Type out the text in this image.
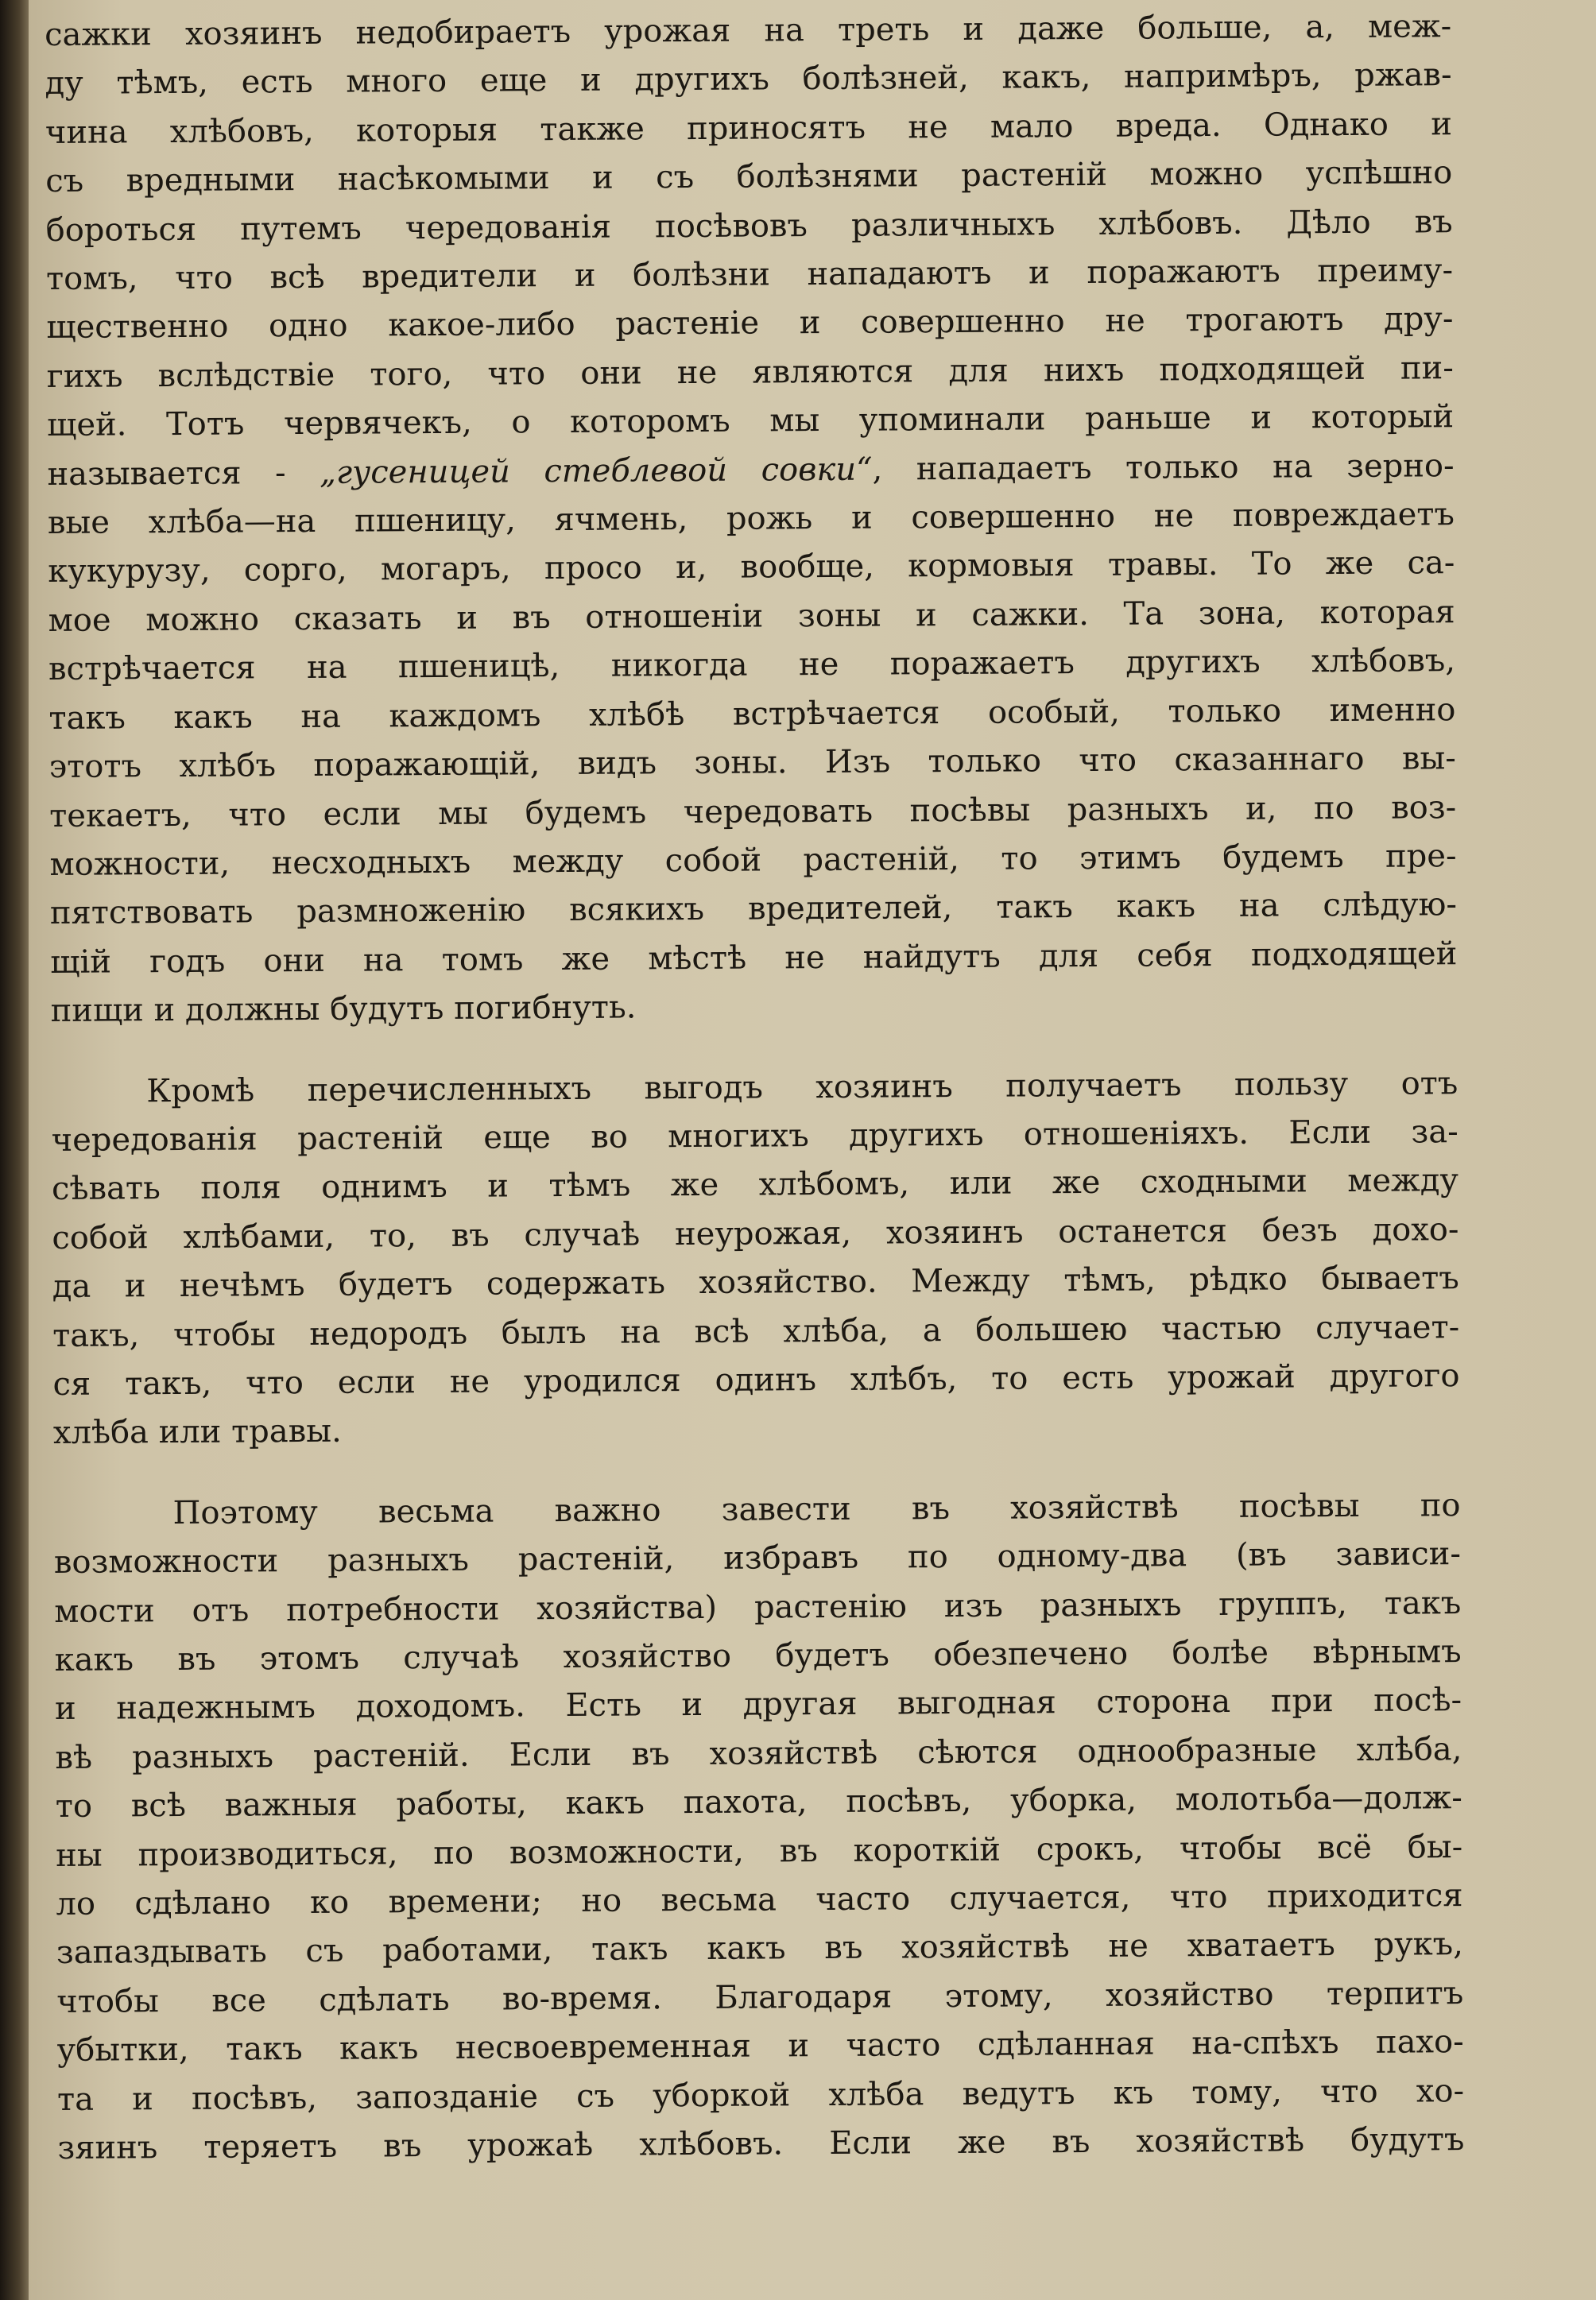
сажки хозяинъ недобираетъ урожая на треть и даже больше, а, меж-
ду тѣмъ, есть много еще и другихъ болѣзней, какъ, напримѣръ, ржав-
чина хлѣбовъ, которыя также приносятъ не мало вреда. Однако и
съ вредными насѣкомыми и съ болѣзнями растеній можно успѣшно
бороться путемъ чередованія посѣвовъ различныхъ хлѣбовъ. Дѣло въ
томъ, что всѣ вредители и болѣзни нападаютъ и поражаютъ преиму-
щественно одно какое-либо растеніе и совершенно не трогаютъ дру-
гихъ вслѣдствіе того, что они не являются для нихъ подходящей пи-
щей. Тотъ червячекъ, о которомъ мы упоминали раньше и который
называется - „гусеницей стеблевой совки“, нападаетъ только на зерно-
вые хлѣба—на пшеницу, ячмень, рожь и совершенно не повреждаетъ
кукурузу, сорго, могаръ, просо и, вообще, кормовыя травы. То же са-
мое можно сказать и въ отношеніи зоны и сажки. Та зона, которая
встрѣчается на пшеницѣ, никогда не поражаетъ другихъ хлѣбовъ,
такъ какъ на каждомъ хлѣбѣ встрѣчается особый, только именно
этотъ хлѣбъ поражающій, видъ зоны. Изъ только что сказаннаго вы-
текаетъ, что если мы будемъ чередовать посѣвы разныхъ и, по воз-
можности, несходныхъ между собой растеній, то этимъ будемъ пре-
пятствовать размноженію всякихъ вредителей, такъ какъ на слѣдую-
щій годъ они на томъ же мѣстѣ не найдутъ для себя подходящей
пищи и должны будутъ погибнуть.
Кромѣ перечисленныхъ выгодъ хозяинъ получаетъ пользу отъ
чередованія растеній еще во многихъ другихъ отношеніяхъ. Если за-
сѣвать поля однимъ и тѣмъ же хлѣбомъ, или же сходными между
собой хлѣбами, то, въ случаѣ неурожая, хозяинъ останется безъ дохо-
да и нечѣмъ будетъ содержать хозяйство. Между тѣмъ, рѣдко бываетъ
такъ, чтобы недородъ былъ на всѣ хлѣба, а большею частью случает-
ся такъ, что если не уродился одинъ хлѣбъ, то есть урожай другого
хлѣба или травы.
Поэтому весьма важно завести въ хозяйствѣ посѣвы по
возможности разныхъ растеній, избравъ по одному-два (въ зависи-
мости отъ потребности хозяйства) растенію изъ разныхъ группъ, такъ
какъ въ этомъ случаѣ хозяйство будетъ обезпечено болѣе вѣрнымъ
и надежнымъ доходомъ. Есть и другая выгодная сторона при посѣ-
вѣ разныхъ растеній. Если въ хозяйствѣ сѣются однообразные хлѣба,
то всѣ важныя работы, какъ пахота, посѣвъ, уборка, молотьба—долж-
ны производиться, по возможности, въ короткій срокъ, чтобы всё бы-
ло сдѣлано ко времени; но весьма часто случается, что приходится
запаздывать съ работами, такъ какъ въ хозяйствѣ не хватаетъ рукъ,
чтобы все сдѣлать во-время. Благодаря этому, хозяйство терпитъ
убытки, такъ какъ несвоевременная и часто сдѣланная на-спѣхъ пахо-
та и посѣвъ, запозданіе съ уборкой хлѣба ведутъ къ тому, что хо-
зяинъ теряетъ въ урожаѣ хлѣбовъ. Если же въ хозяйствѣ будутъ
